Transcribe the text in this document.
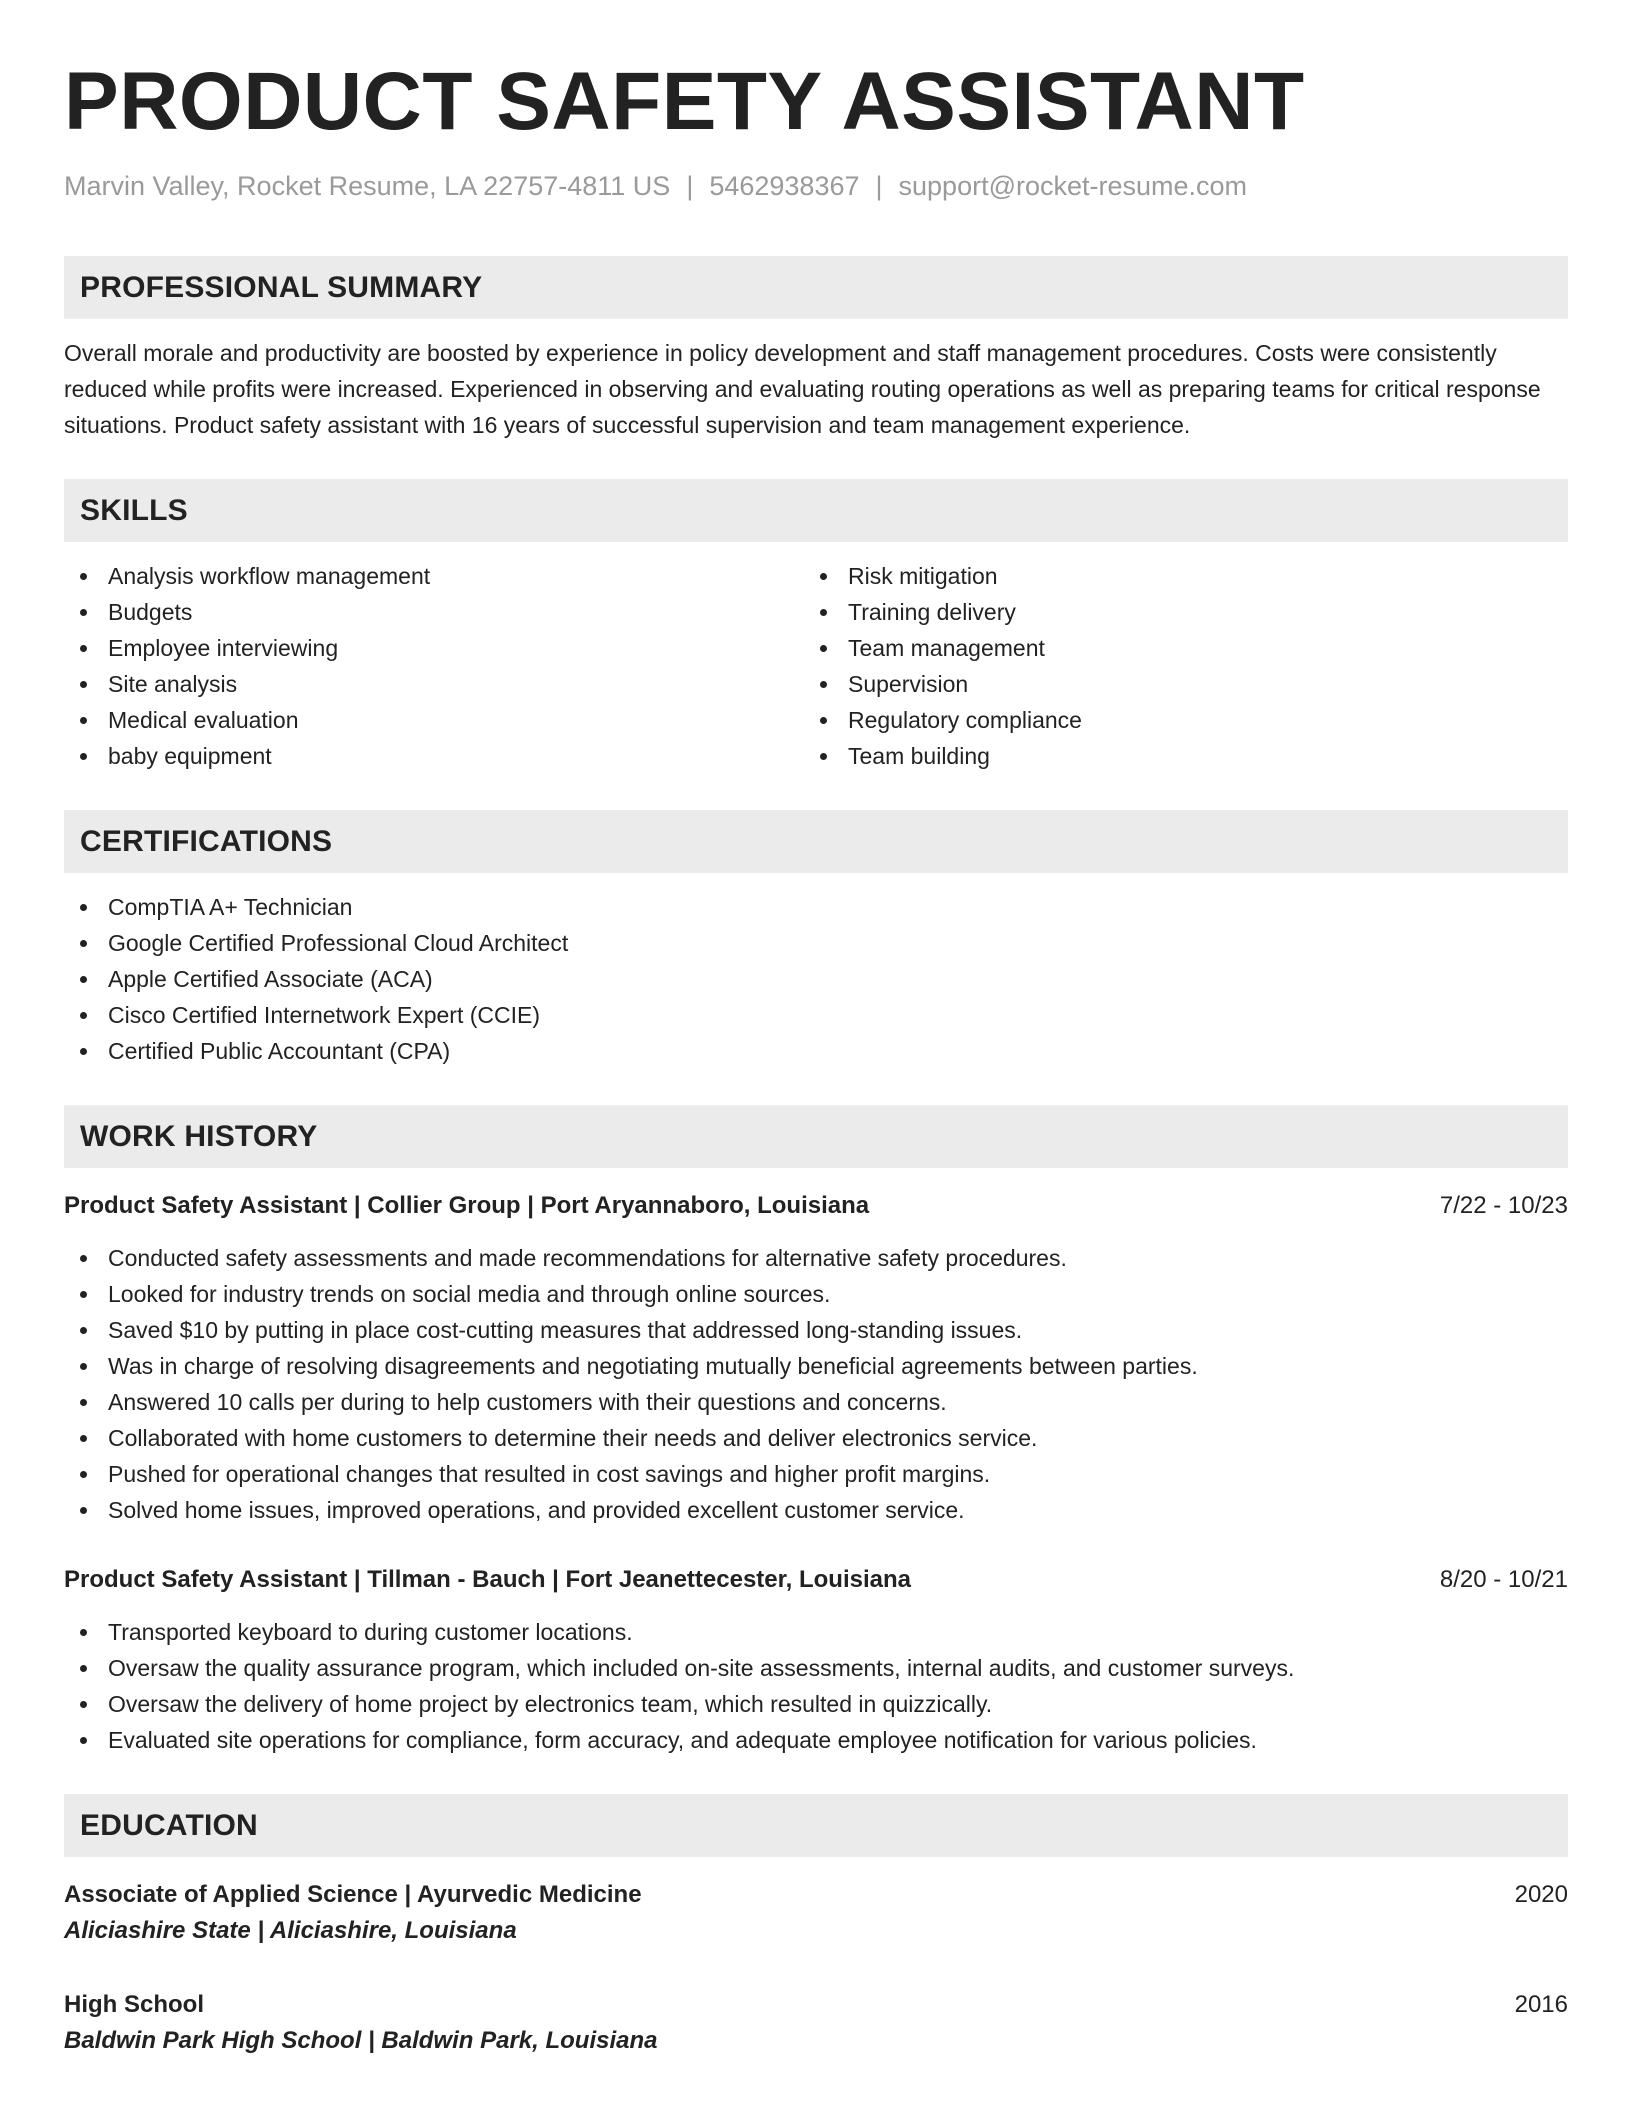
PRODUCT SAFETY ASSISTANT
Marvin Valley, Rocket Resume, LA 22757-4811 US | 5462938367 | support@rocket-resume.com
PROFESSIONAL SUMMARY

Overall morale and productivity are boosted by experience in policy development and staff management procedures. Costs were consistently reduced while profits were increased. Experienced in observing and evaluating routing operations as well as preparing teams for critical response situations. Product safety assistant with 16 years of successful supervision and team management experience.

SKILLS
Analysis workflow management
Budgets
Employee interviewing
Site analysis
Medical evaluation
baby equipment
Risk mitigation
Training delivery
Team management
Supervision
Regulatory compliance
Team building
CERTIFICATIONS
CompTIA A+ Technician
Google Certified Professional Cloud Architect
Apple Certified Associate (ACA)
Cisco Certified Internetwork Expert (CCIE)
Certified Public Accountant (CPA)
WORK HISTORY
Product Safety Assistant | Collier Group | Port Aryannaboro, Louisiana	7/22 - 10/23
Conducted safety assessments and made recommendations for alternative safety procedures.
Looked for industry trends on social media and through online sources.
Saved $10 by putting in place cost-cutting measures that addressed long-standing issues.
Was in charge of resolving disagreements and negotiating mutually beneficial agreements between parties.
Answered 10 calls per during to help customers with their questions and concerns.
Collaborated with home customers to determine their needs and deliver electronics service.
Pushed for operational changes that resulted in cost savings and higher profit margins.
Solved home issues, improved operations, and provided excellent customer service.
Product Safety Assistant | Tillman - Bauch | Fort Jeanettecester, Louisiana	8/20 - 10/21
Transported keyboard to during customer locations.
Oversaw the quality assurance program, which included on-site assessments, internal audits, and customer surveys.
Oversaw the delivery of home project by electronics team, which resulted in quizzically.
Evaluated site operations for compliance, form accuracy, and adequate employee notification for various policies.
EDUCATION
Associate of Applied Science | Ayurvedic Medicine	2020
Aliciashire State | Aliciashire, Louisiana
High School	2016
Baldwin Park High School | Baldwin Park, Louisiana
